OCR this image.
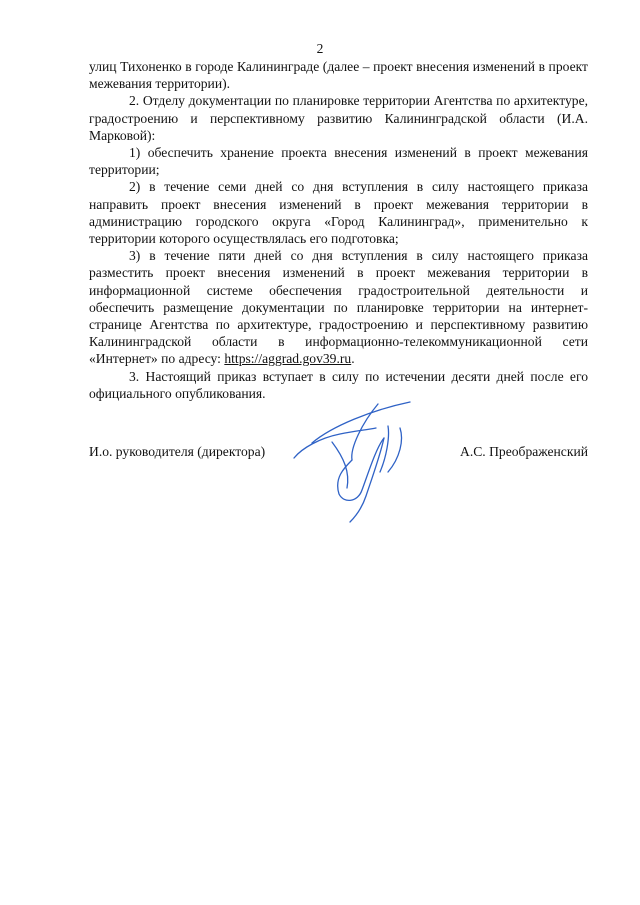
2

улиц Тихоненко в городе Калининграде (далее – проект внесения изменений в проект межевания территории).

2. Отделу документации по планировке территории Агентства по архитектуре, градостроению и перспективному развитию Калининградской области (И.А. Марковой):

1) обеспечить хранение проекта внесения изменений в проект межевания территории;

2) в течение семи дней со дня вступления в силу настоящего приказа направить проект внесения изменений в проект межевания территории в администрацию городского округа «Город Калининград», применительно к территории которого осуществлялась его подготовка;

3) в течение пяти дней со дня вступления в силу настоящего приказа разместить проект внесения изменений в проект межевания территории в информационной системе обеспечения градостроительной деятельности и обеспечить размещение документации по планировке территории на интернет-странице Агентства по архитектуре, градостроению и перспективному развитию Калининградской области в информационно-телекоммуникационной сети «Интернет» по адресу: https://aggrad.gov39.ru.

3. Настоящий приказ вступает в силу по истечении десяти дней после его официального опубликования.

И.о. руководителя (директора)	А.С. Преображенский
